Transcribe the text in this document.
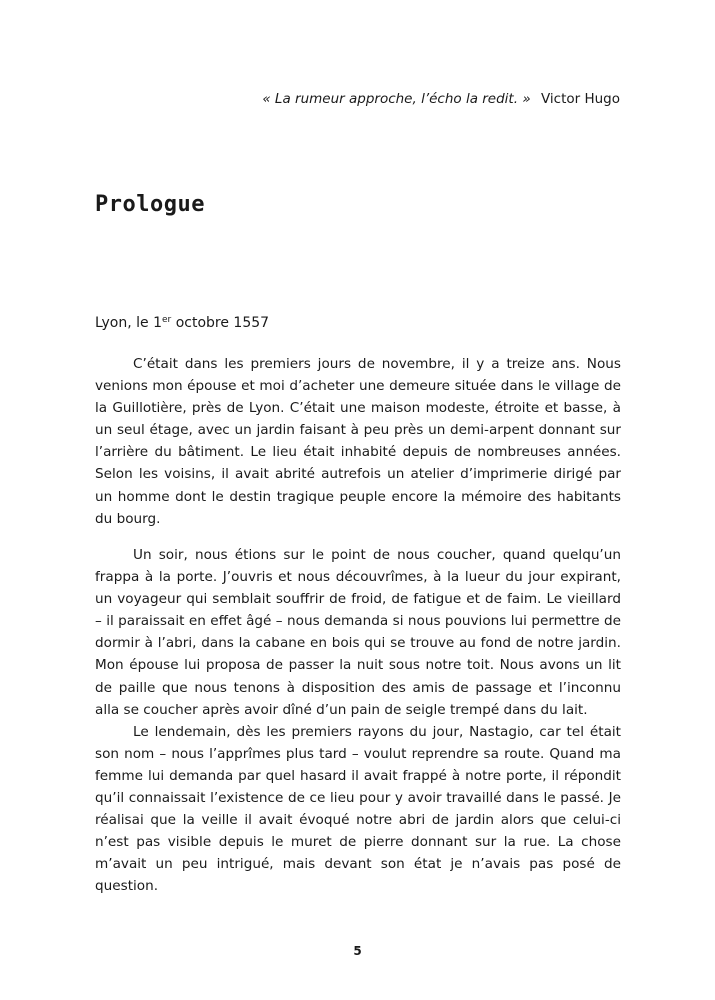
« La rumeur approche, l’écho la redit. » Victor Hugo
Prologue
Lyon, le 1er octobre 1557

C’était dans les premiers jours de novembre, il y a treize ans. Nous venions mon épouse et moi d’acheter une demeure située dans le village de la Guillotière, près de Lyon. C’était une maison modeste, étroite et basse, à un seul étage, avec un jardin faisant à peu près un demi-arpent donnant sur l’arrière du bâtiment. Le lieu était inhabité depuis de nombreuses années. Selon les voisins, il avait abrité autrefois un atelier d’imprimerie dirigé par un homme dont le destin tragique peuple encore la mémoire des habitants du bourg.

Un soir, nous étions sur le point de nous coucher, quand quelqu’un frappa à la porte. J’ouvris et nous découvrîmes, à la lueur du jour expirant, un voyageur qui semblait souffrir de froid, de fatigue et de faim. Le vieillard – il paraissait en effet âgé – nous demanda si nous pouvions lui permettre de dormir à l’abri, dans la cabane en bois qui se trouve au fond de notre jardin. Mon épouse lui proposa de passer la nuit sous notre toit. Nous avons un lit de paille que nous tenons à disposition des amis de passage et l’inconnu alla se coucher après avoir dîné d’un pain de seigle trempé dans du lait.

Le lendemain, dès les premiers rayons du jour, Nastagio, car tel était son nom – nous l’apprîmes plus tard – voulut reprendre sa route. Quand ma femme lui demanda par quel hasard il avait frappé à notre porte, il répondit qu’il connaissait l’existence de ce lieu pour y avoir travaillé dans le passé. Je réalisai que la veille il avait évoqué notre abri de jardin alors que celui-ci n’est pas visible depuis le muret de pierre donnant sur la rue. La chose m’avait un peu intrigué, mais devant son état je n’avais pas posé de question.

5
